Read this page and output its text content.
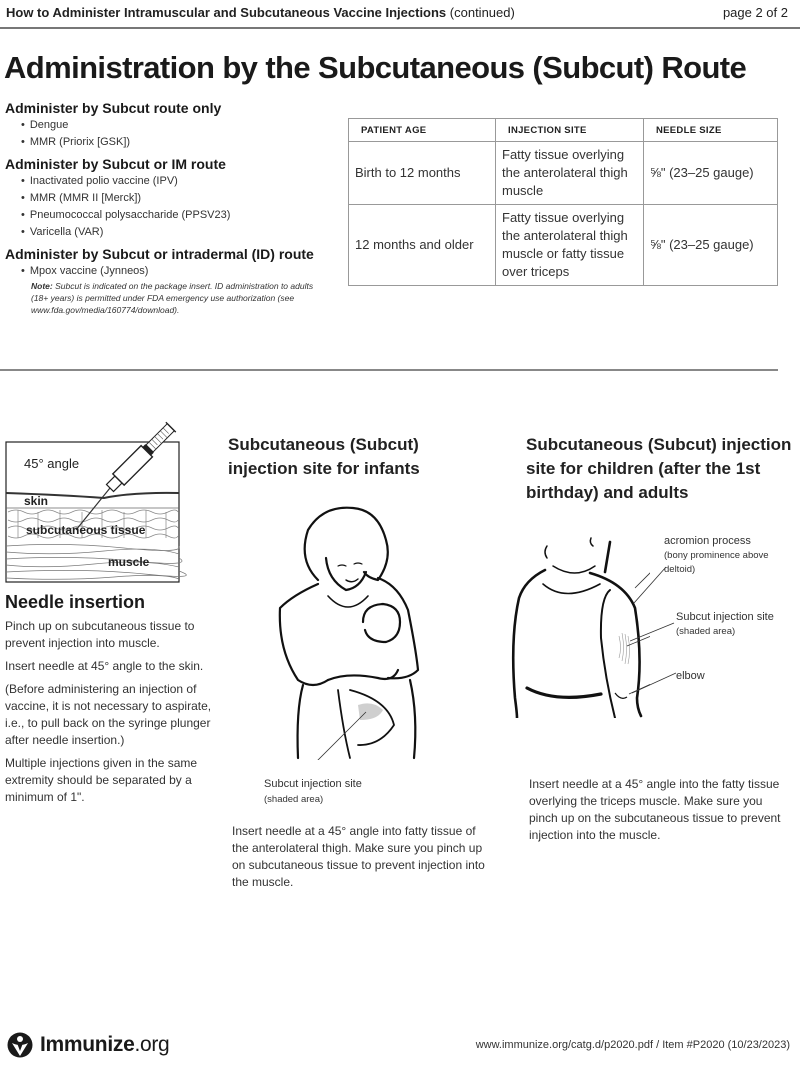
How to Administer Intramuscular and Subcutaneous Vaccine Injections (continued)	page 2 of 2
Administration by the Subcutaneous (Subcut) Route
Administer by Subcut route only
• Dengue
• MMR (Priorix [GSK])
Administer by Subcut or IM route
• Inactivated polio vaccine (IPV)
• MMR (MMR II [Merck])
• Pneumococcal polysaccharide (PPSV23)
• Varicella (VAR)
Administer by Subcut or intradermal (ID) route
• Mpox vaccine (Jynneos)

Note: Subcut is indicated on the package insert. ID administration to adults (18+ years) is permitted under FDA emergency use authorization (see www.fda.gov/media/160774/download).

PATIENT AGE	INJECTION SITE	NEEDLE SIZE
Birth to 12 months	Fatty tissue overlying the anterolateral thigh muscle	⅝" (23–25 gauge)
12 months and older	Fatty tissue overlying the anterolateral thigh muscle or fatty tissue over triceps	⅝" (23–25 gauge)
45° angle
skin
subcutaneous tissue
muscle
Needle insertion

Pinch up on subcutaneous tissue to prevent injection into muscle.

Insert needle at 45° angle to the skin.

(Before administering an injection of vaccine, it is not necessary to aspirate, i.e., to pull back on the syringe plunger after needle insertion.)

Multiple injections given in the same extremity should be separated by a minimum of 1".

Subcutaneous (Subcut) injection site for infants
Subcut injection site
(shaded area)

Insert needle at a 45° angle into fatty tissue of the anterolateral thigh. Make sure you pinch up on subcutaneous tissue to prevent injection into the muscle.

Subcutaneous (Subcut) injection site for children (after the 1st birthday) and adults
acromion process
(bony prominence above deltoid)
Subcut injection site
(shaded area)
elbow

Insert needle at a 45° angle into the fatty tissue overlying the triceps muscle. Make sure you pinch up on the subcutaneous tissue to prevent injection into the muscle.

Immunize.org	www.immunize.org/catg.d/p2020.pdf / Item #P2020 (10/23/2023)
